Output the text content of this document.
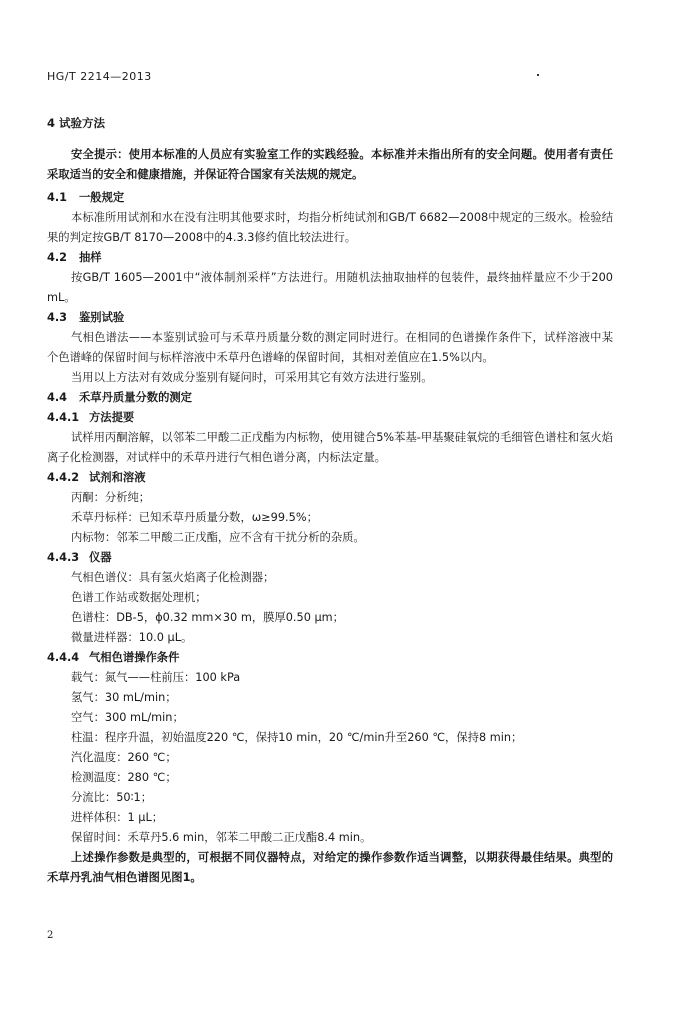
HG/T 2214—2013

4 试验方法

安全提示：使用本标准的人员应有实验室工作的实践经验。本标准并未指出所有的安全问题。使用者有责任采取适当的安全和健康措施，并保证符合国家有关法规的规定。

4.1 一般规定

本标准所用试剂和水在没有注明其他要求时，均指分析纯试剂和GB/T 6682—2008中规定的三级水。检验结果的判定按GB/T 8170—2008中的4.3.3修约值比较法进行。

4.2 抽样

按GB/T 1605—2001中“液体制剂采样”方法进行。用随机法抽取抽样的包装件，最终抽样量应不少于200 mL。

4.3 鉴别试验

气相色谱法——本鉴别试验可与禾草丹质量分数的测定同时进行。在相同的色谱操作条件下，试样溶液中某个色谱峰的保留时间与标样溶液中禾草丹色谱峰的保留时间，其相对差值应在1.5%以内。

当用以上方法对有效成分鉴别有疑问时，可采用其它有效方法进行鉴别。

4.4 禾草丹质量分数的测定

4.4.1 方法提要

试样用丙酮溶解，以邻苯二甲酸二正戊酯为内标物，使用键合5%苯基-甲基聚硅氧烷的毛细管色谱柱和氢火焰离子化检测器，对试样中的禾草丹进行气相色谱分离，内标法定量。

4.4.2 试剂和溶液

丙酮：分析纯；

禾草丹标样：已知禾草丹质量分数，ω≥99.5%；

内标物：邻苯二甲酸二正戊酯，应不含有干扰分析的杂质。

4.4.3 仪器

气相色谱仪：具有氢火焰离子化检测器；

色谱工作站或数据处理机；

色谱柱：DB-5，ϕ0.32 mm×30 m，膜厚0.50 μm；

微量进样器：10.0 μL。

4.4.4 气相色谱操作条件

载气：氮气——柱前压：100 kPa

氢气：30 mL/min；

空气：300 mL/min；

柱温：程序升温，初始温度220 ℃，保持10 min，20 ℃/min升至260 ℃，保持8 min；

汽化温度：260 ℃；

检测温度：280 ℃；

分流比：50∶1；

进样体积：1 μL；

保留时间：禾草丹5.6 min，邻苯二甲酸二正戊酯8.4 min。

上述操作参数是典型的，可根据不同仪器特点，对给定的操作参数作适当调整，以期获得最佳结果。典型的禾草丹乳油气相色谱图见图1。

2
